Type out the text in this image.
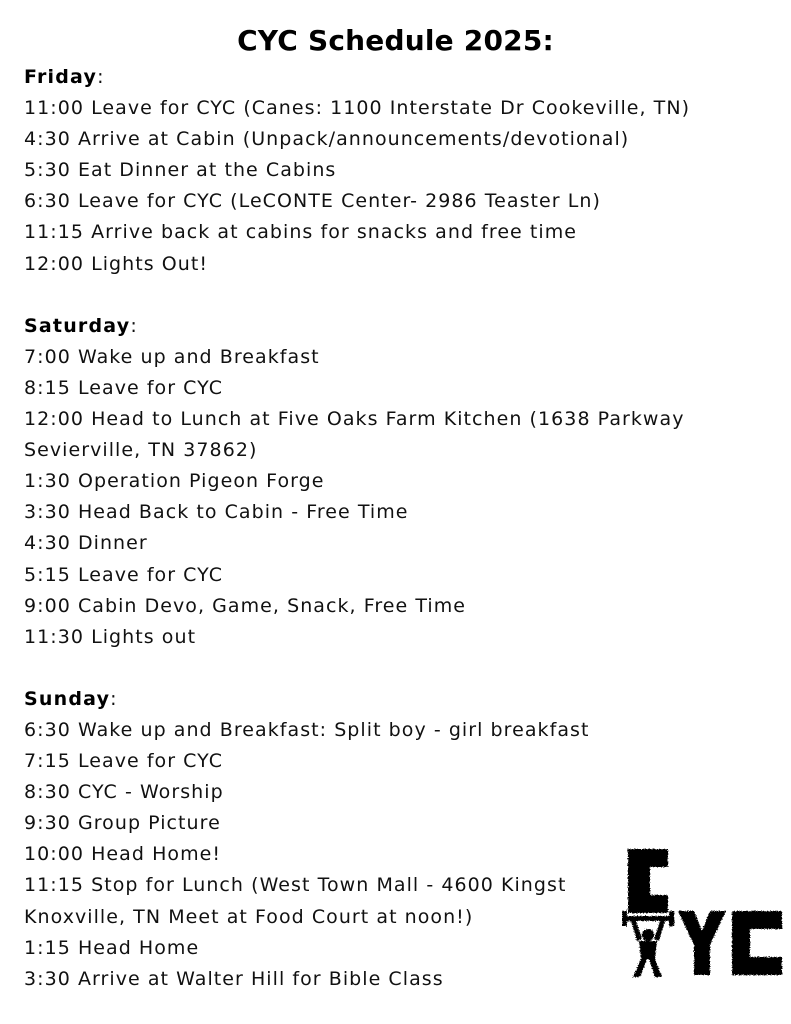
CYC Schedule 2025:
Friday:
11:00 Leave for CYC (Canes: 1100 Interstate Dr Cookeville, TN)
4:30 Arrive at Cabin (Unpack/announcements/devotional)
5:30 Eat Dinner at the Cabins
6:30 Leave for CYC (LeCONTE Center- 2986 Teaster Ln)
11:15 Arrive back at cabins for snacks and free time
12:00 Lights Out!
Saturday:
7:00 Wake up and Breakfast
8:15 Leave for CYC
12:00 Head to Lunch at Five Oaks Farm Kitchen (1638 Parkway
Sevierville, TN 37862)
1:30 Operation Pigeon Forge
3:30 Head Back to Cabin - Free Time
4:30 Dinner
5:15 Leave for CYC
9:00 Cabin Devo, Game, Snack, Free Time
11:30 Lights out
Sunday:
6:30 Wake up and Breakfast: Split boy - girl breakfast
7:15 Leave for CYC
8:30 CYC - Worship
9:30 Group Picture
10:00 Head Home!
11:15 Stop for Lunch (West Town Mall - 4600 Kingst
Knoxville, TN Meet at Food Court at noon!)
1:15 Head Home
3:30 Arrive at Walter Hill for Bible Class
